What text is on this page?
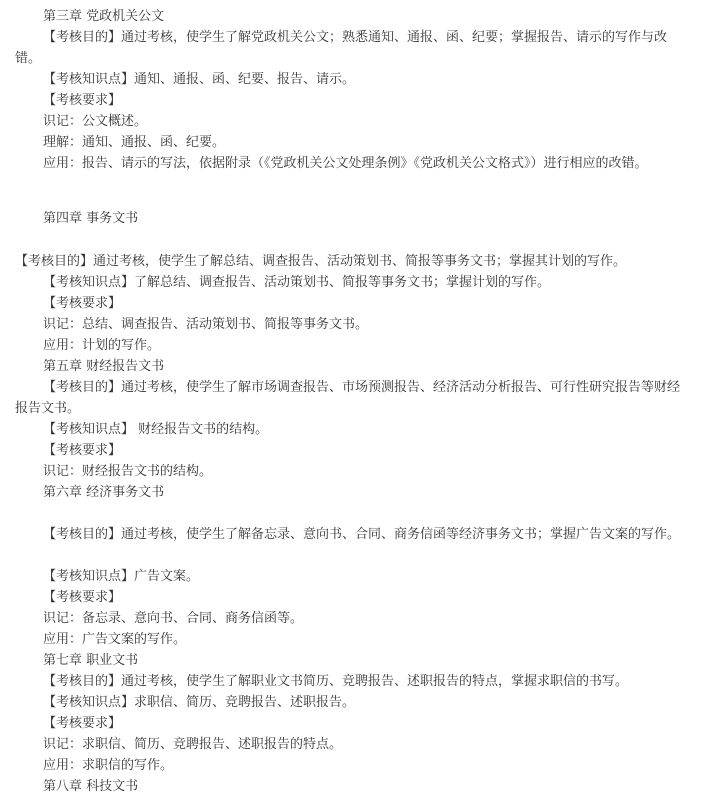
第三章 党政机关公文
【考核目的】通过考核，使学生了解党政机关公文；熟悉通知、通报、函、纪要；掌握报告、请示的写作与改错。
【考核知识点】通知、通报、函、纪要、报告、请示。
【考核要求】
识记：公文概述。
理解：通知、通报、函、纪要。
应用：报告、请示的写法，依据附录（《党政机关公文处理条例》《党政机关公文格式》）进行相应的改错。
第四章 事务文书
【考核目的】通过考核，使学生了解总结、调查报告、活动策划书、简报等事务文书；掌握其计划的写作。
【考核知识点】了解总结、调查报告、活动策划书、简报等事务文书；掌握计划的写作。
【考核要求】
识记：总结、调查报告、活动策划书、简报等事务文书。
应用：计划的写作。
第五章 财经报告文书
【考核目的】通过考核，使学生了解市场调查报告、市场预测报告、经济活动分析报告、可行性研究报告等财经报告文书。
【考核知识点】 财经报告文书的结构。
【考核要求】
识记：财经报告文书的结构。
第六章 经济事务文书
【考核目的】通过考核，使学生了解备忘录、意向书、合同、商务信函等经济事务文书；掌握广告文案的写作。
【考核知识点】广告文案。
【考核要求】
识记：备忘录、意向书、合同、商务信函等。
应用：广告文案的写作。
第七章 职业文书
【考核目的】通过考核，使学生了解职业文书简历、竞聘报告、述职报告的特点，掌握求职信的书写。
【考核知识点】求职信、简历、竞聘报告、述职报告。
【考核要求】
识记：求职信、简历、竞聘报告、述职报告的特点。
应用：求职信的写作。
第八章 科技文书
